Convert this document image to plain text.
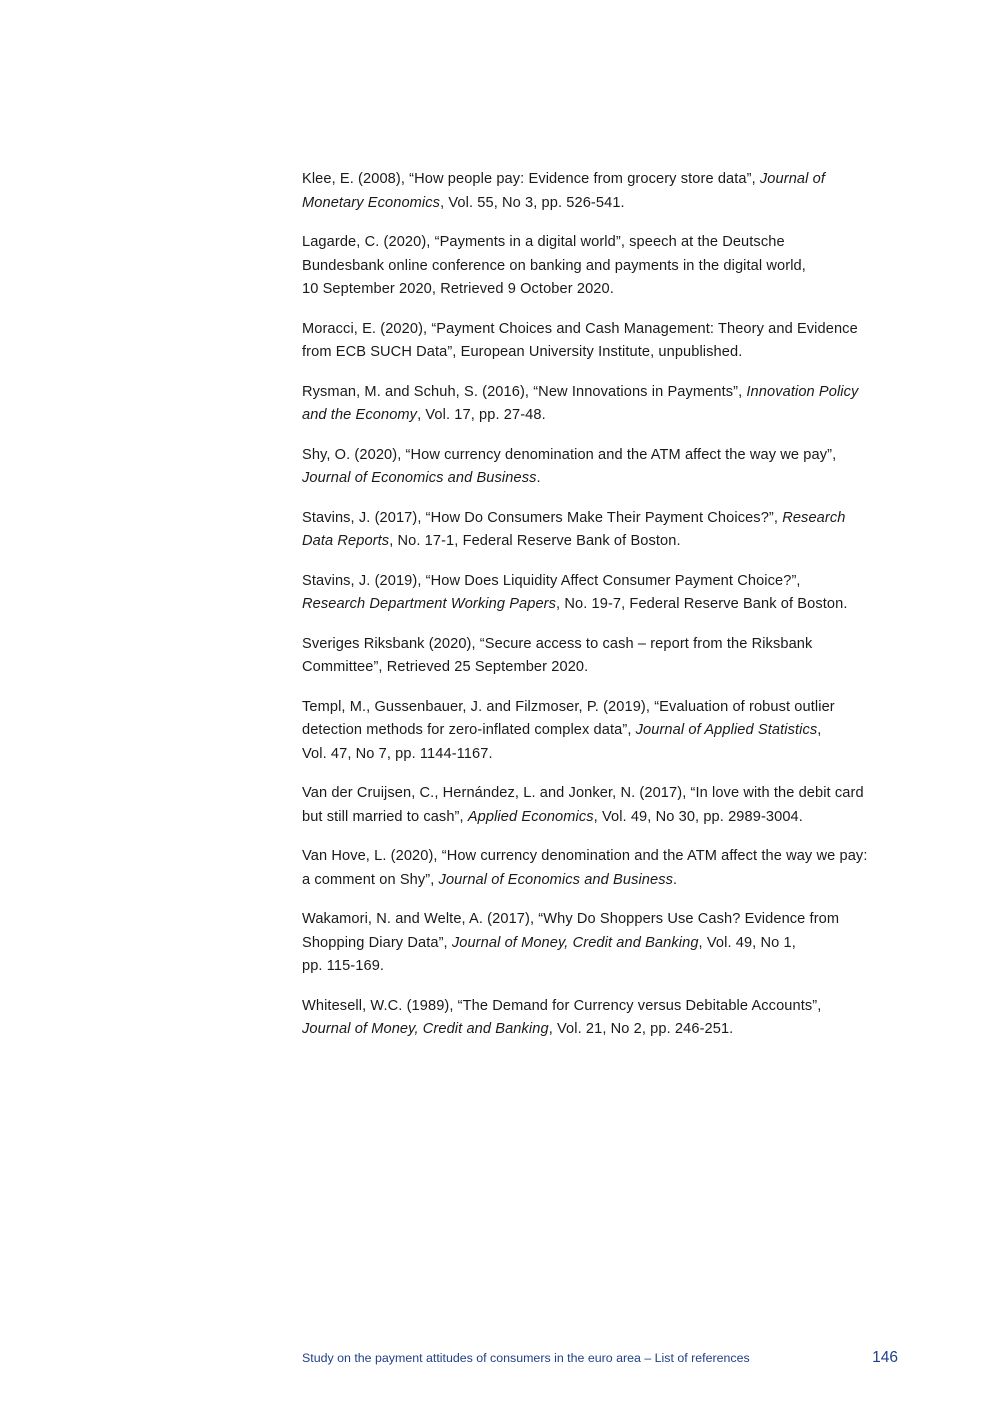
Klee, E. (2008), “How people pay: Evidence from grocery store data”, Journal of
Monetary Economics, Vol. 55, No 3, pp. 526-541.
Lagarde, C. (2020), “Payments in a digital world”, speech at the Deutsche
Bundesbank online conference on banking and payments in the digital world,
10 September 2020, Retrieved 9 October 2020.
Moracci, E. (2020), “Payment Choices and Cash Management: Theory and Evidence
from ECB SUCH Data”, European University Institute, unpublished.
Rysman, M. and Schuh, S. (2016), “New Innovations in Payments”, Innovation Policy
and the Economy, Vol. 17, pp. 27-48.
Shy, O. (2020), “How currency denomination and the ATM affect the way we pay”,
Journal of Economics and Business.
Stavins, J. (2017), “How Do Consumers Make Their Payment Choices?”, Research
Data Reports, No. 17-1, Federal Reserve Bank of Boston.
Stavins, J. (2019), “How Does Liquidity Affect Consumer Payment Choice?”,
Research Department Working Papers, No. 19-7, Federal Reserve Bank of Boston.
Sveriges Riksbank (2020), “Secure access to cash – report from the Riksbank
Committee”, Retrieved 25 September 2020.
Templ, M., Gussenbauer, J. and Filzmoser, P. (2019), “Evaluation of robust outlier
detection methods for zero-inflated complex data”, Journal of Applied Statistics,
Vol. 47, No 7, pp. 1144-1167.
Van der Cruijsen, C., Hernández, L. and Jonker, N. (2017), “In love with the debit card
but still married to cash”, Applied Economics, Vol. 49, No 30, pp. 2989-3004.
Van Hove, L. (2020), “How currency denomination and the ATM affect the way we pay:
a comment on Shy”, Journal of Economics and Business.
Wakamori, N. and Welte, A. (2017), “Why Do Shoppers Use Cash? Evidence from
Shopping Diary Data”, Journal of Money, Credit and Banking, Vol. 49, No 1,
pp. 115-169.
Whitesell, W.C. (1989), “The Demand for Currency versus Debitable Accounts”,
Journal of Money, Credit and Banking, Vol. 21, No 2, pp. 246-251.
Study on the payment attitudes of consumers in the euro area – List of references	146
